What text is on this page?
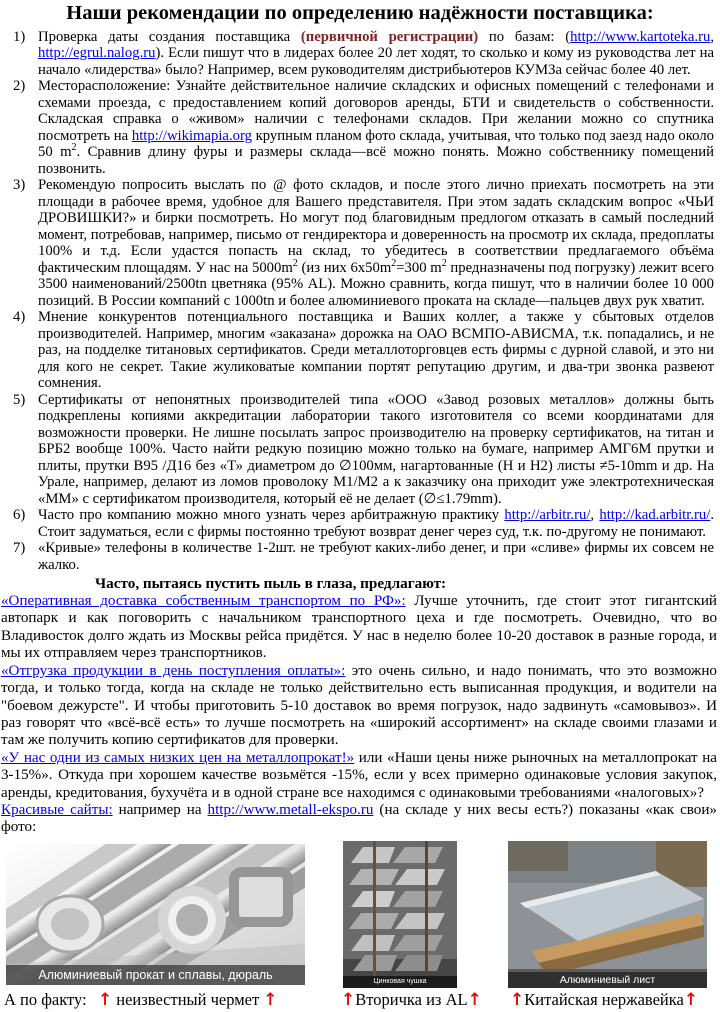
Наши рекомендации по определению надёжности поставщика:
1) Проверка даты создания поставщика (первичной регистрации) по базам: (http://www.kartoteka.ru, http://egrul.nalog.ru). Если пишут что в лидерах более 20 лет ходят, то сколько и кому из руководства лет на начало «лидерства» было? Например, всем руководителям дистрибьютеров КУМЗа сейчас более 40 лет.
2) Месторасположение: Узнайте действительное наличие складских и офисных помещений с телефонами и схемами проезда, с предоставлением копий договоров аренды, БТИ и свидетельств о собственности. Складская справка о «живом» наличии с телефонами складов. При желании можно со спутника посмотреть на http://wikimapia.org крупным планом фото склада, учитывая, что только под заезд надо около 50 $m^2$. Сравнив длину фуры и размеры склада—всё можно понять. Можно собственнику помещений позвонить.
3) Рекомендую попросить выслать по @ фото складов, и после этого лично приехать посмотреть на эти площади в рабочее время, удобное для Вашего представителя. При этом задать складским вопрос «ЧЬИ ДРОВИШКИ?» и бирки посмотреть. Но могут под благовидным предлогом отказать в самый последний момент, потребовав, например, письмо от гендиректора и доверенность на просмотр их склада, предоплаты 100% и т.д. Если удастся попасть на склад, то убедитесь в соответствии предлагаемого объёма фактическим площадям. У нас на $5000m^2$ (из них $6х50m^2=300$ $m^2$ предназначены под погрузку) лежит всего 3500 наименований/2500tn цветняка (95% AL). Можно сравнить, когда пишут, что в наличии более 10 000 позиций. В России компаний с 1000tn и более алюминиевого проката на складе—пальцев двух рук хватит.
4) Мнение конкурентов потенциального поставщика и Ваших коллег, а также у сбытовых отделов производителей. Например, многим «заказана» дорожка на ОАО ВСМПО-АВИСМА, т.к. попадались, и не раз, на подделке титановых сертификатов. Среди металлоторговцев есть фирмы с дурной славой, и это ни для кого не секрет. Такие жуликоватые компании портят репутацию другим, и два-три звонка развеют сомнения.
5) Сертификаты от непонятных производителей типа «ООО «Завод розовых металлов» должны быть подкреплены копиями аккредитации лаборатории такого изготовителя со всеми координатами для возможности проверки. Не лишне посылать запрос производителю на проверку сертификатов, на титан и БРБ2 вообще 100%. Часто найти редкую позицию можно только на бумаге, например АМГ6М прутки и плиты, прутки В95 /Д16 без «Т» диаметром до ∅100мм, нагартованные (Н и Н2) листы ≠5-10mm и др. На Урале, например, делают из ломов проволоку М1/М2 а к заказчику она приходит уже электротехническая «ММ» с сертификатом производителя, который её не делает (∅≤1.79mm).
6) Часто про компанию можно много узнать через арбитражную практику http://arbitr.ru/, http://kad.arbitr.ru/. Стоит задуматься, если с фирмы постоянно требуют возврат денег через суд, т.к. по-другому не понимают.
7) «Кривые» телефоны в количестве 1-2шт. не требуют каких-либо денег, и при «сливе» фирмы их совсем не жалко.
Часто, пытаясь пустить пыль в глаза, предлагают:

«Оперативная доставка собственным транспортом по РФ»: Лучше уточнить, где стоит этот гигантский автопарк и как поговорить с начальником транспортного цеха и где посмотреть. Очевидно, что во Владивосток долго ждать из Москвы рейса придётся. У нас в неделю более 10-20 доставок в разные города, и мы их отправляем через транспортников.

«Отгрузка продукции в день поступления оплаты»: это очень сильно, и надо понимать, что это возможно тогда, и только тогда, когда на складе не только действительно есть выписанная продукция, и водители на "боевом дежурсте". И чтобы приготовить 5-10 доставок во время погрузок, надо задвинуть «самовывоз». И раз говорят что «всё-всё есть» то лучше посмотреть на «широкий ассортимент» на складе своими глазами и там же получить копию сертификатов для проверки.

«У нас одни из самых низких цен на металлопрокат!» или «Наши цены ниже рыночных на металлопрокат на 3-15%». Откуда при хорошем качестве возьмётся -15%, если у всех примерно одинаковые условия закупок, аренды, кредитования, бухучёта и в одной стране все находимся с одинаковыми требованиями «налоговых»?

Красивые сайты: например на http://www.metall-ekspo.ru (на складе у них весы есть?) показаны «как свои» фото:

Алюминиевый прокат и сплавы, дюраль	Цинковая чушка	Алюминиевый лист
А по факту: ↑ неизвестный чермет ↑	↑Вторичка из AL↑ ↑Китайская нержавейка↑
